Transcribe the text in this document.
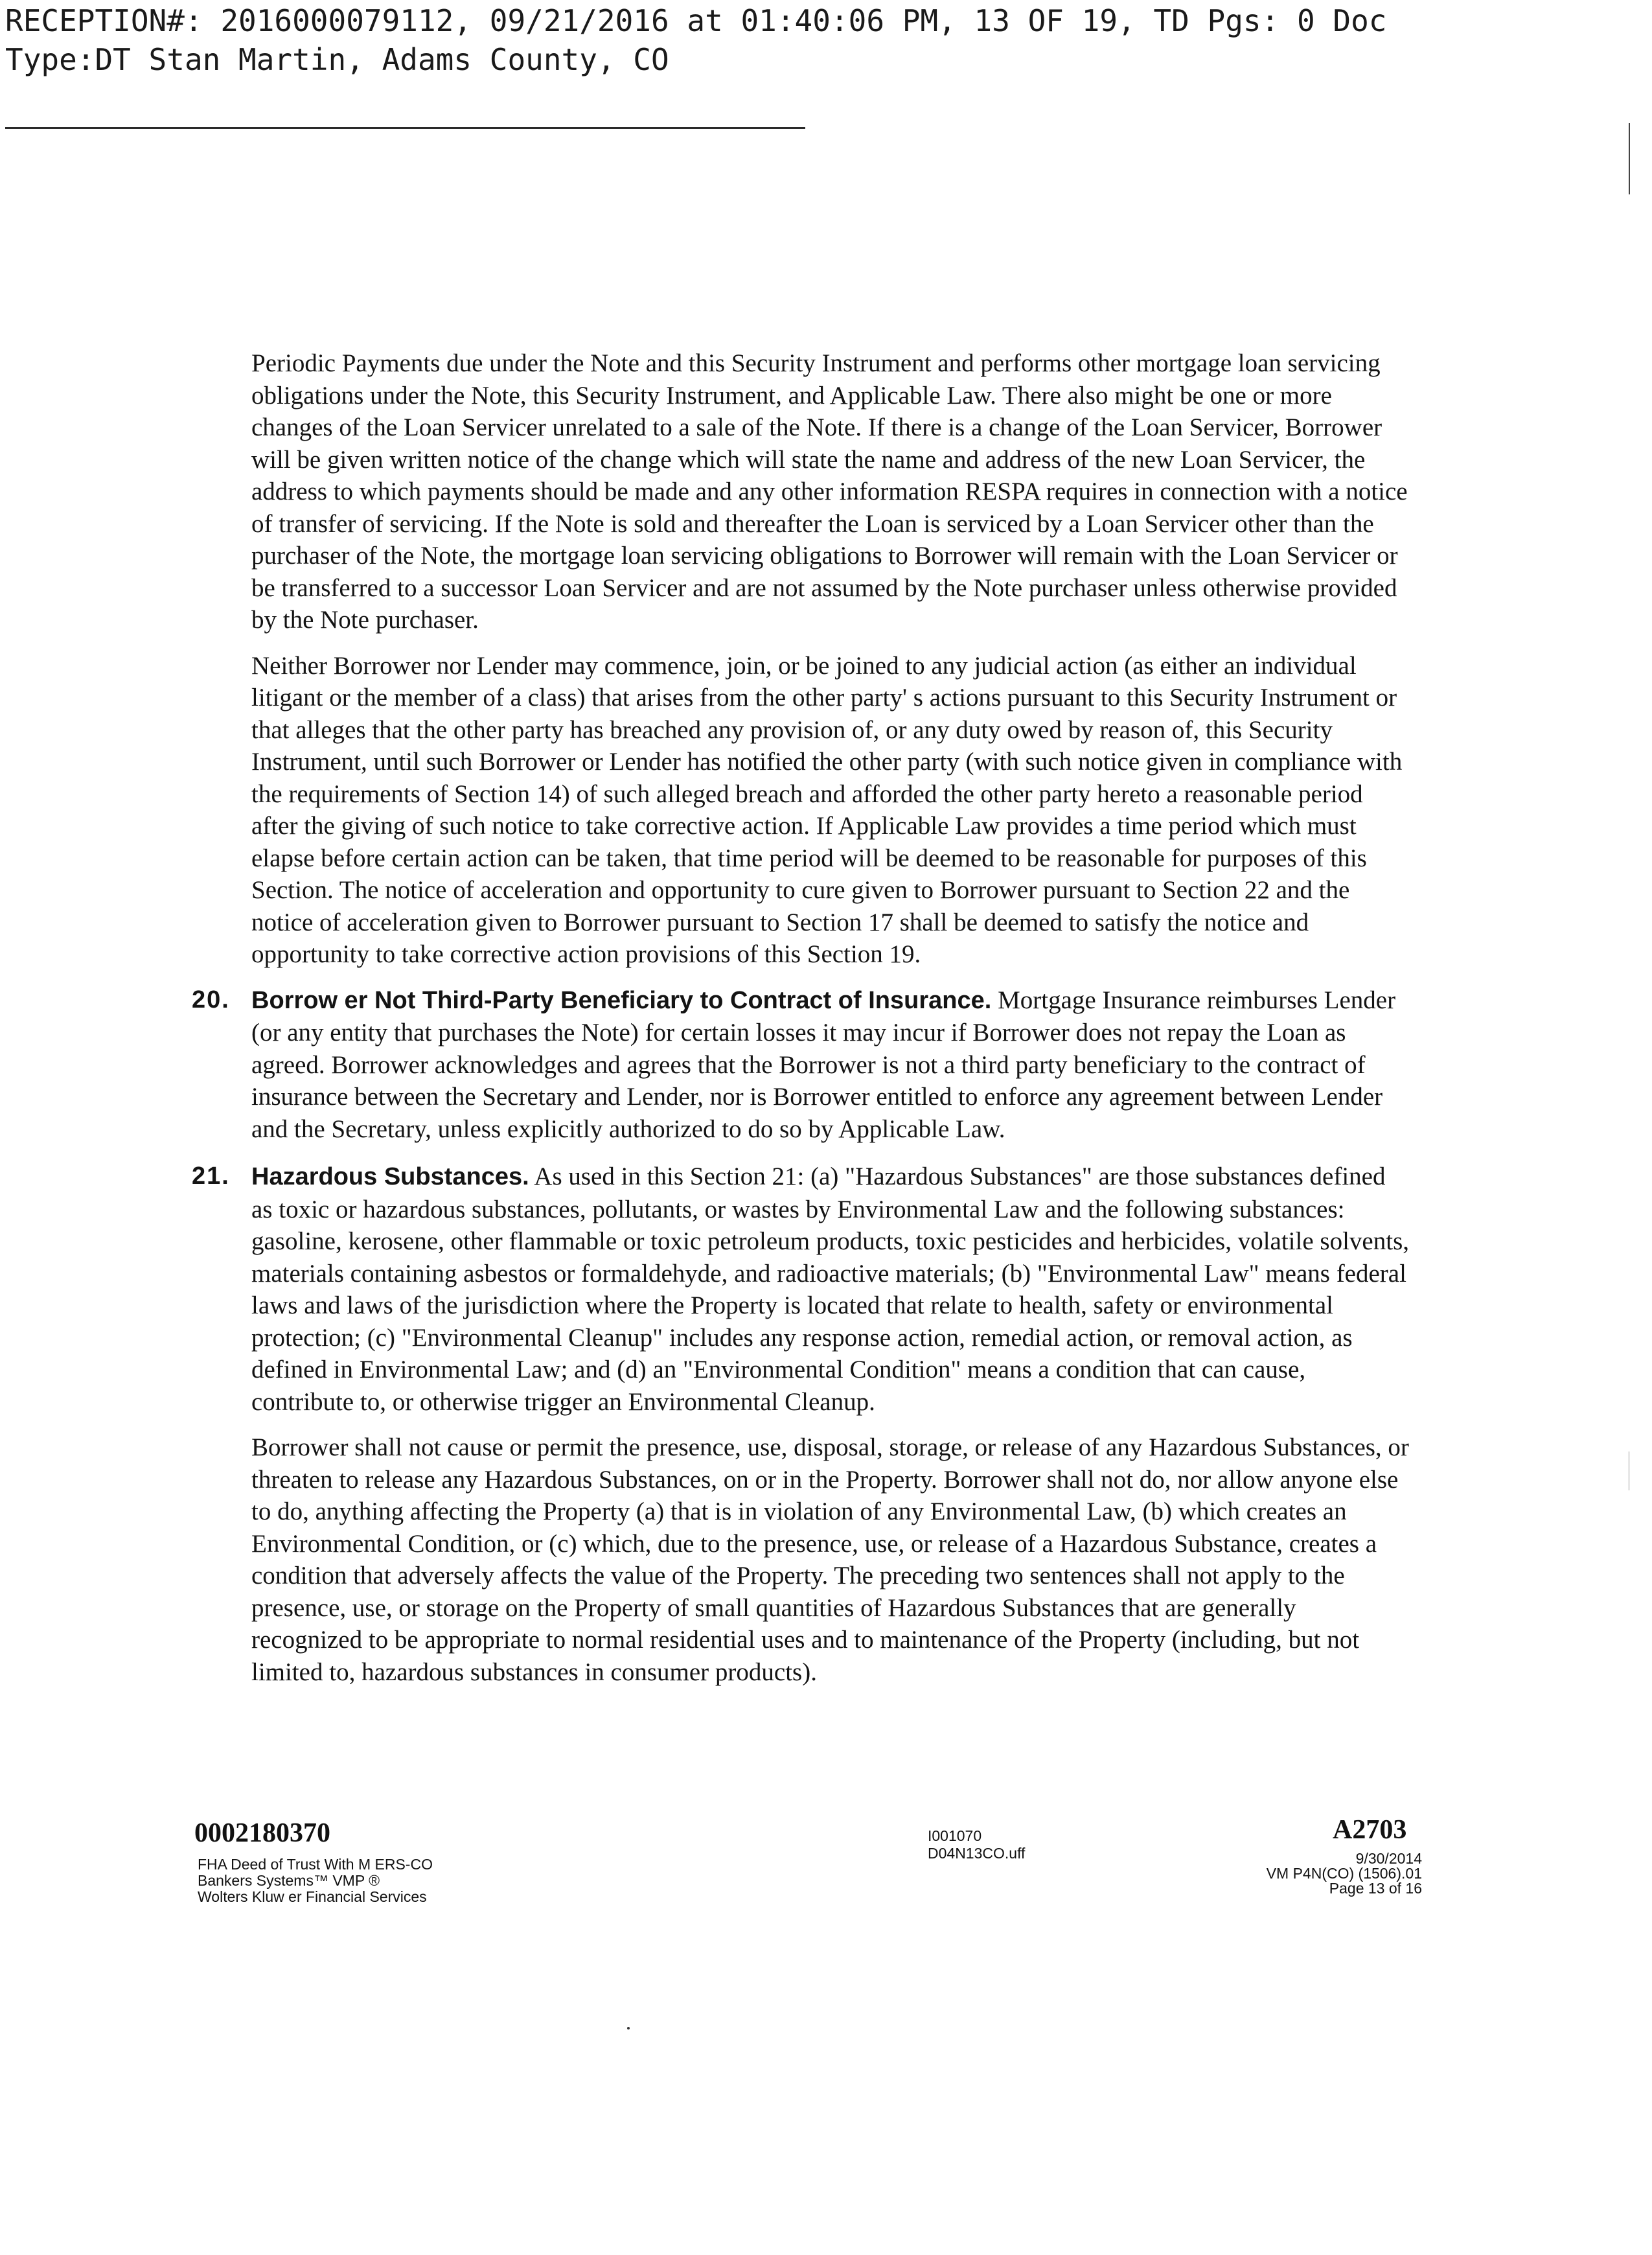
RECEPTION#: 2016000079112, 09/21/2016 at 01:40:06 PM, 13 OF 19, TD Pgs: 0 Doc
Type:DT Stan Martin, Adams County, CO

Periodic Payments due under the Note and this Security Instrument and performs other mortgage loan servicing obligations under the Note, this Security Instrument, and Applicable Law. There also might be one or more changes of the Loan Servicer unrelated to a sale of the Note. If there is a change of the Loan Servicer, Borrower will be given written notice of the change which will state the name and address of the new Loan Servicer, the address to which payments should be made and any other information RESPA requires in connection with a notice of transfer of servicing. If the Note is sold and thereafter the Loan is serviced by a Loan Servicer other than the purchaser of the Note, the mortgage loan servicing obligations to Borrower will remain with the Loan Servicer or be transferred to a successor Loan Servicer and are not assumed by the Note purchaser unless otherwise provided by the Note purchaser.

Neither Borrower nor Lender may commence, join, or be joined to any judicial action (as either an individual litigant or the member of a class) that arises from the other party' s actions pursuant to this Security Instrument or that alleges that the other party has breached any provision of, or any duty owed by reason of, this Security Instrument, until such Borrower or Lender has notified the other party (with such notice given in compliance with the requirements of Section 14) of such alleged breach and afforded the other party hereto a reasonable period after the giving of such notice to take corrective action. If Applicable Law provides a time period which must elapse before certain action can be taken, that time period will be deemed to be reasonable for purposes of this Section. The notice of acceleration and opportunity to cure given to Borrower pursuant to Section 22 and the notice of acceleration given to Borrower pursuant to Section 17 shall be deemed to satisfy the notice and opportunity to take corrective action provisions of this Section 19.

20. Borrow er Not Third-Party Beneficiary to Contract of Insurance. Mortgage Insurance reimburses Lender (or any entity that purchases the Note) for certain losses it may incur if Borrower does not repay the Loan as agreed. Borrower acknowledges and agrees that the Borrower is not a third party beneficiary to the contract of insurance between the Secretary and Lender, nor is Borrower entitled to enforce any agreement between Lender and the Secretary, unless explicitly authorized to do so by Applicable Law.

21. Hazardous Substances. As used in this Section 21: (a) "Hazardous Substances" are those substances defined as toxic or hazardous substances, pollutants, or wastes by Environmental Law and the following substances: gasoline, kerosene, other flammable or toxic petroleum products, toxic pesticides and herbicides, volatile solvents, materials containing asbestos or formaldehyde, and radioactive materials; (b) "Environmental Law" means federal laws and laws of the jurisdiction where the Property is located that relate to health, safety or environmental protection; (c) "Environmental Cleanup" includes any response action, remedial action, or removal action, as defined in Environmental Law; and (d) an "Environmental Condition" means a condition that can cause, contribute to, or otherwise trigger an Environmental Cleanup.

Borrower shall not cause or permit the presence, use, disposal, storage, or release of any Hazardous Substances, or threaten to release any Hazardous Substances, on or in the Property. Borrower shall not do, nor allow anyone else to do, anything affecting the Property (a) that is in violation of any Environmental Law, (b) which creates an Environmental Condition, or (c) which, due to the presence, use, or release of a Hazardous Substance, creates a condition that adversely affects the value of the Property. The preceding two sentences shall not apply to the presence, use, or storage on the Property of small quantities of Hazardous Substances that are generally recognized to be appropriate to normal residential uses and to maintenance of the Property (including, but not limited to, hazardous substances in consumer products).

0002180370
FHA Deed of Trust With M ERS-CO
Bankers Systems™ VMP ®
Wolters Kluw er Financial Services
I001070
D04N13CO.uff
A2703
9/30/2014
VM P4N(CO) (1506).01
Page 13 of 16
